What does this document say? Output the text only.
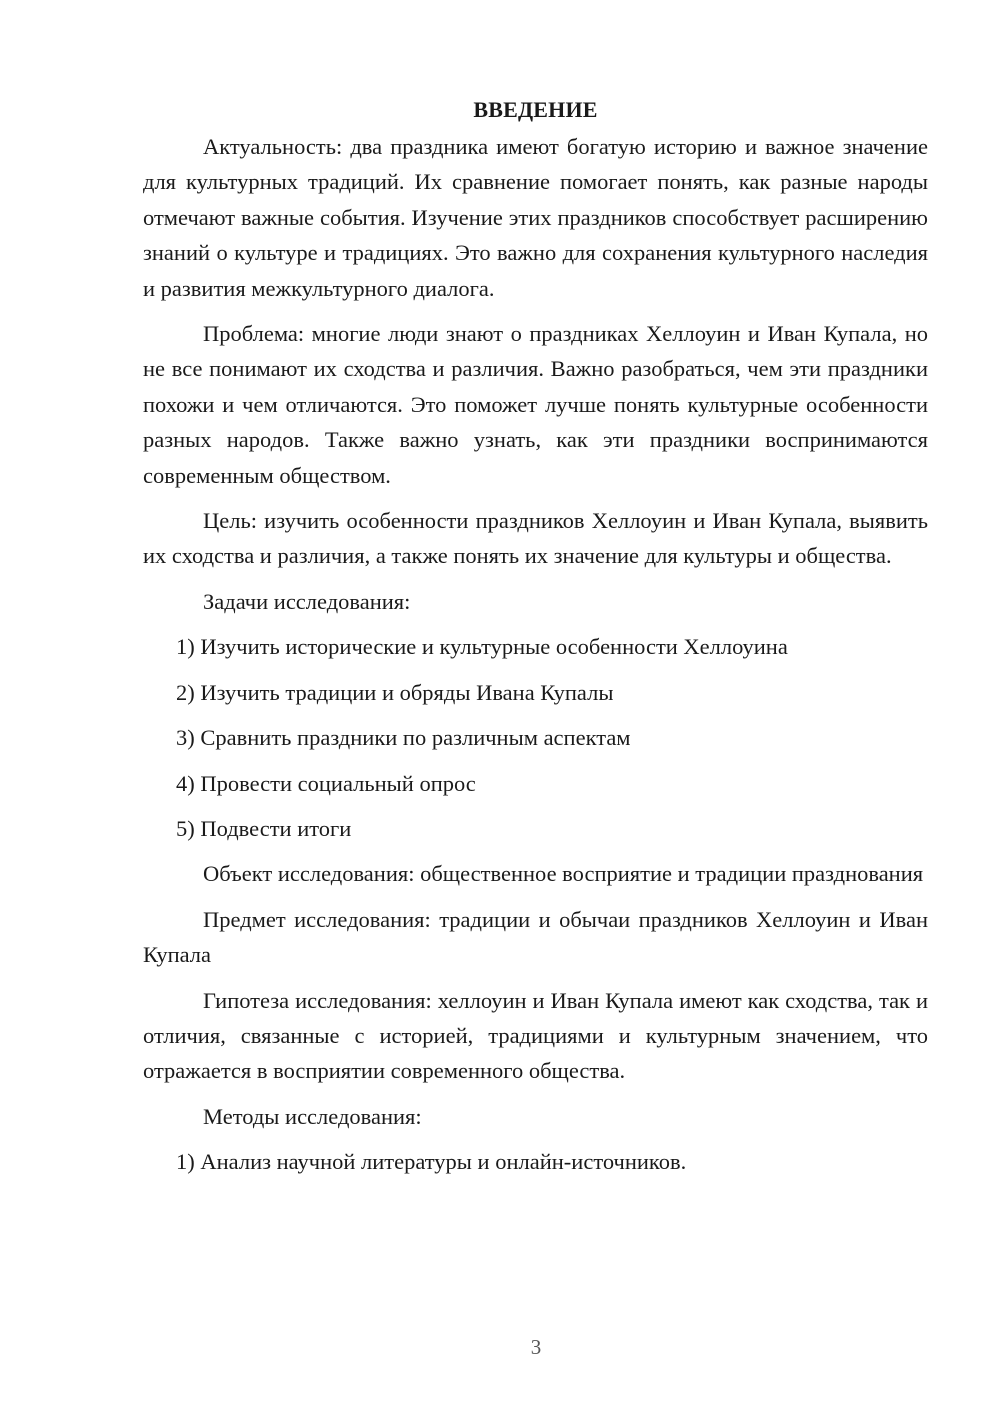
ВВЕДЕНИЕ

Актуальность: два праздника имеют богатую историю и важное значение для культурных традиций. Их сравнение помогает понять, как разные народы отмечают важные события. Изучение этих праздников способствует расширению знаний о культуре и традициях. Это важно для сохранения культурного наследия и развития межкультурного диалога.

Проблема: многие люди знают о праздниках Хеллоуин и Иван Купала, но не все понимают их сходства и различия. Важно разобраться, чем эти праздники похожи и чем отличаются. Это поможет лучше понять культурные особенности разных народов. Также важно узнать, как эти праздники воспринимаются современным обществом.

Цель: изучить особенности праздников Хеллоуин и Иван Купала, выявить их сходства и различия, а также понять их значение для культуры и общества.

Задачи исследования:

1) Изучить исторические и культурные особенности Хеллоуина

2) Изучить традиции и обряды Ивана Купалы

3) Сравнить праздники по различным аспектам

4) Провести социальный опрос

5) Подвести итоги

Объект исследования: общественное восприятие и традиции празднования

Предмет исследования: традиции и обычаи праздников Хеллоуин и Иван Купала

Гипотеза исследования: хеллоуин и Иван Купала имеют как сходства, так и отличия, связанные с историей, традициями и культурным значением, что отражается в восприятии современного общества.

Методы исследования:

1) Анализ научной литературы и онлайн-источников.

3
